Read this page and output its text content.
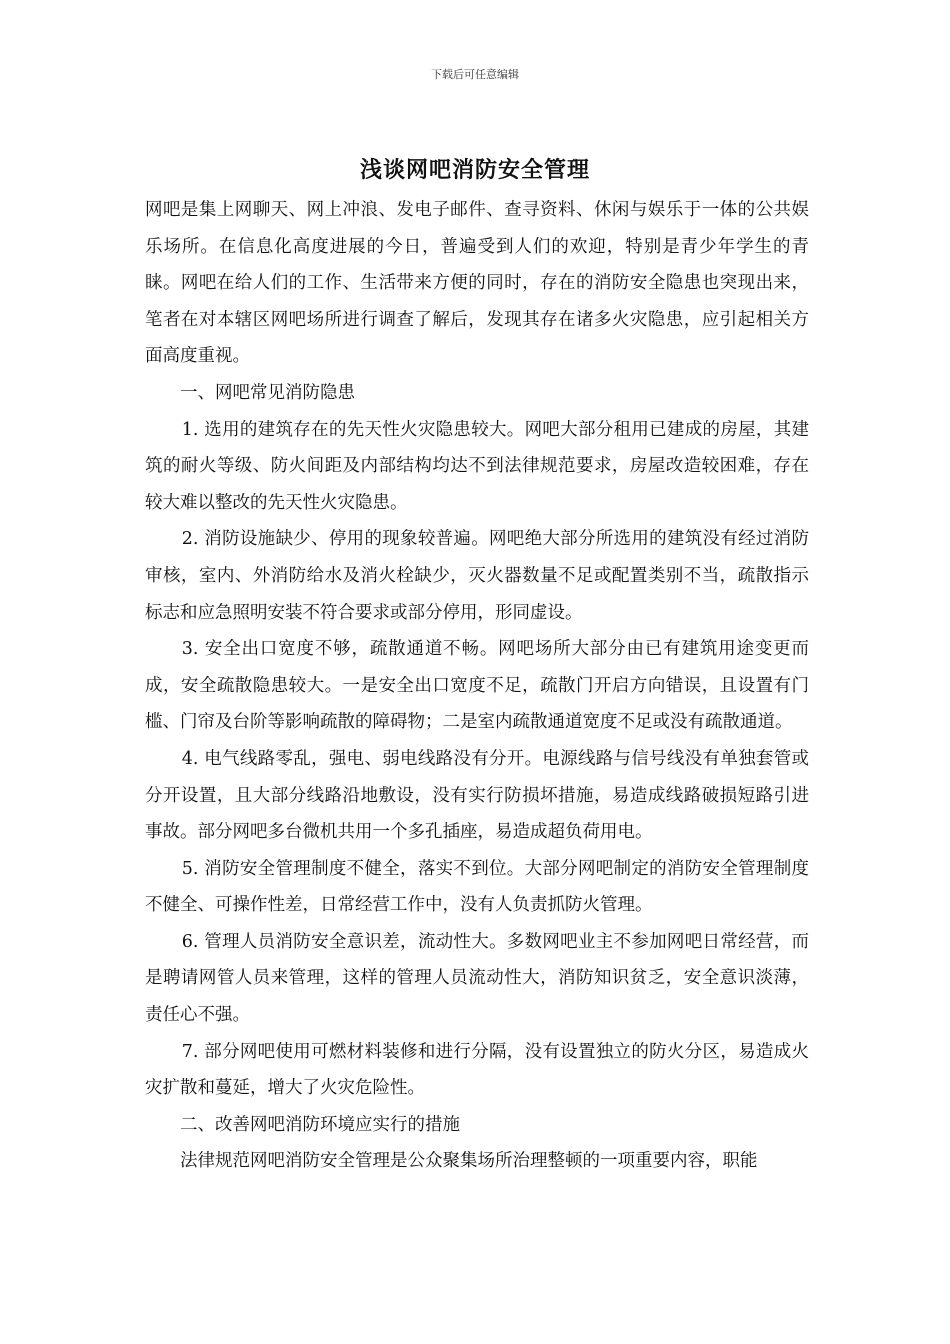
下载后可任意编辑
浅谈网吧消防安全管理

网吧是集上网聊天、网上冲浪、发电子邮件、查寻资料、休闲与娱乐于一体的公共娱乐场所。在信息化高度进展的今日，普遍受到人们的欢迎，特别是青少年学生的青睐。网吧在给人们的工作、生活带来方便的同时，存在的消防安全隐患也突现出来，笔者在对本辖区网吧场所进行调查了解后，发现其存在诸多火灾隐患，应引起相关方面高度重视。

一、网吧常见消防隐患

1. 选用的建筑存在的先天性火灾隐患较大。网吧大部分租用已建成的房屋，其建筑的耐火等级、防火间距及内部结构均达不到法律规范要求，房屋改造较困难，存在较大难以整改的先天性火灾隐患。

2. 消防设施缺少、停用的现象较普遍。网吧绝大部分所选用的建筑没有经过消防审核，室内、外消防给水及消火栓缺少，灭火器数量不足或配置类别不当，疏散指示标志和应急照明安装不符合要求或部分停用，形同虚设。

3. 安全出口宽度不够，疏散通道不畅。网吧场所大部分由已有建筑用途变更而成，安全疏散隐患较大。一是安全出口宽度不足，疏散门开启方向错误，且设置有门槛、门帘及台阶等影响疏散的障碍物；二是室内疏散通道宽度不足或没有疏散通道。

4. 电气线路零乱，强电、弱电线路没有分开。电源线路与信号线没有单独套管或分开设置，且大部分线路沿地敷设，没有实行防损坏措施，易造成线路破损短路引进事故。部分网吧多台微机共用一个多孔插座，易造成超负荷用电。

5. 消防安全管理制度不健全，落实不到位。大部分网吧制定的消防安全管理制度不健全、可操作性差，日常经营工作中，没有人负责抓防火管理。

6. 管理人员消防安全意识差，流动性大。多数网吧业主不参加网吧日常经营，而是聘请网管人员来管理，这样的管理人员流动性大，消防知识贫乏，安全意识淡薄，责任心不强。

7. 部分网吧使用可燃材料装修和进行分隔，没有设置独立的防火分区，易造成火灾扩散和蔓延，增大了火灾危险性。

二、改善网吧消防环境应实行的措施

法律规范网吧消防安全管理是公众聚集场所治理整顿的一项重要内容，职能
